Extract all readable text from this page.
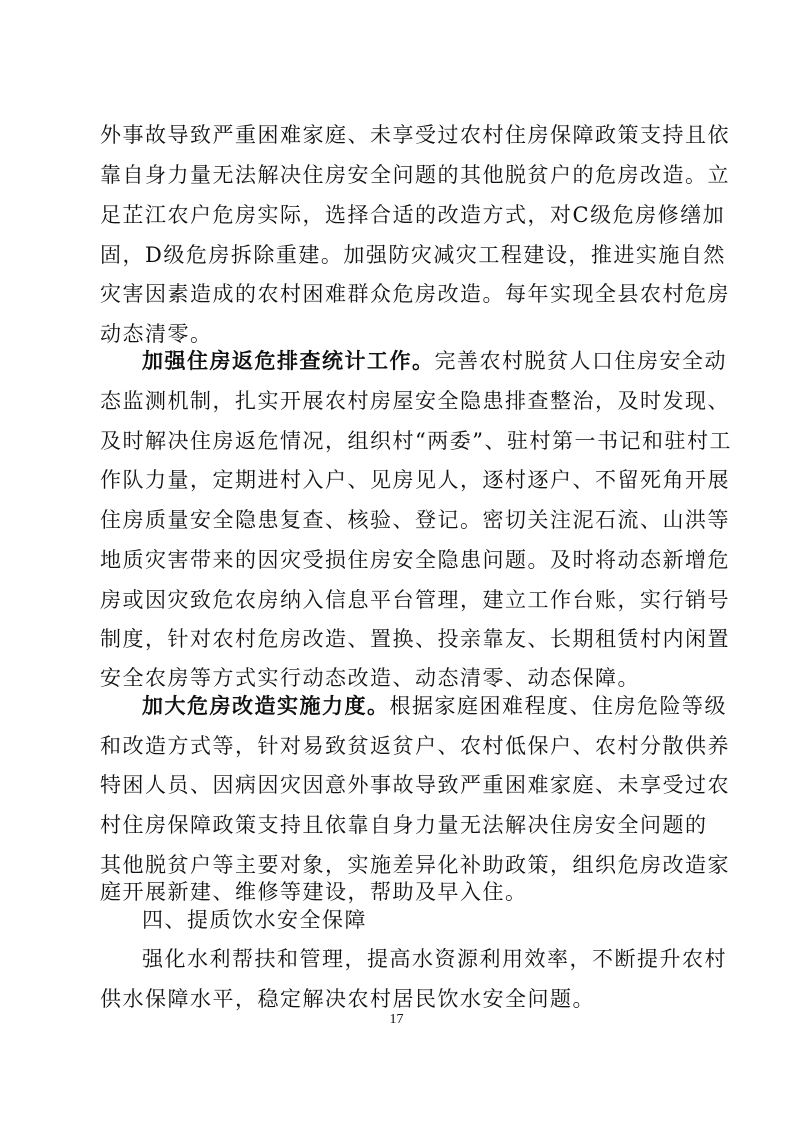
外事故导致严重困难家庭、未享受过农村住房保障政策支持且依
靠自身力量无法解决住房安全问题的其他脱贫户的危房改造。立
足芷江农户危房实际，选择合适的改造方式，对C级危房修缮加
固，D级危房拆除重建。加强防灾减灾工程建设，推进实施自然
灾害因素造成的农村困难群众危房改造。每年实现全县农村危房
动态清零。
加强住房返危排查统计工作。完善农村脱贫人口住房安全动
态监测机制，扎实开展农村房屋安全隐患排查整治，及时发现、
及时解决住房返危情况，组织村“两委”、驻村第一书记和驻村工
作队力量，定期进村入户、见房见人，逐村逐户、不留死角开展
住房质量安全隐患复查、核验、登记。密切关注泥石流、山洪等
地质灾害带来的因灾受损住房安全隐患问题。及时将动态新增危
房或因灾致危农房纳入信息平台管理，建立工作台账，实行销号
制度，针对农村危房改造、置换、投亲靠友、长期租赁村内闲置
安全农房等方式实行动态改造、动态清零、动态保障。
加大危房改造实施力度。根据家庭困难程度、住房危险等级
和改造方式等，针对易致贫返贫户、农村低保户、农村分散供养
特困人员、因病因灾因意外事故导致严重困难家庭、未享受过农
村住房保障政策支持且依靠自身力量无法解决住房安全问题的
其他脱贫户等主要对象，实施差异化补助政策，组织危房改造家
庭开展新建、维修等建设，帮助及早入住。
四、提质饮水安全保障
强化水利帮扶和管理，提高水资源利用效率，不断提升农村
供水保障水平，稳定解决农村居民饮水安全问题。
17
